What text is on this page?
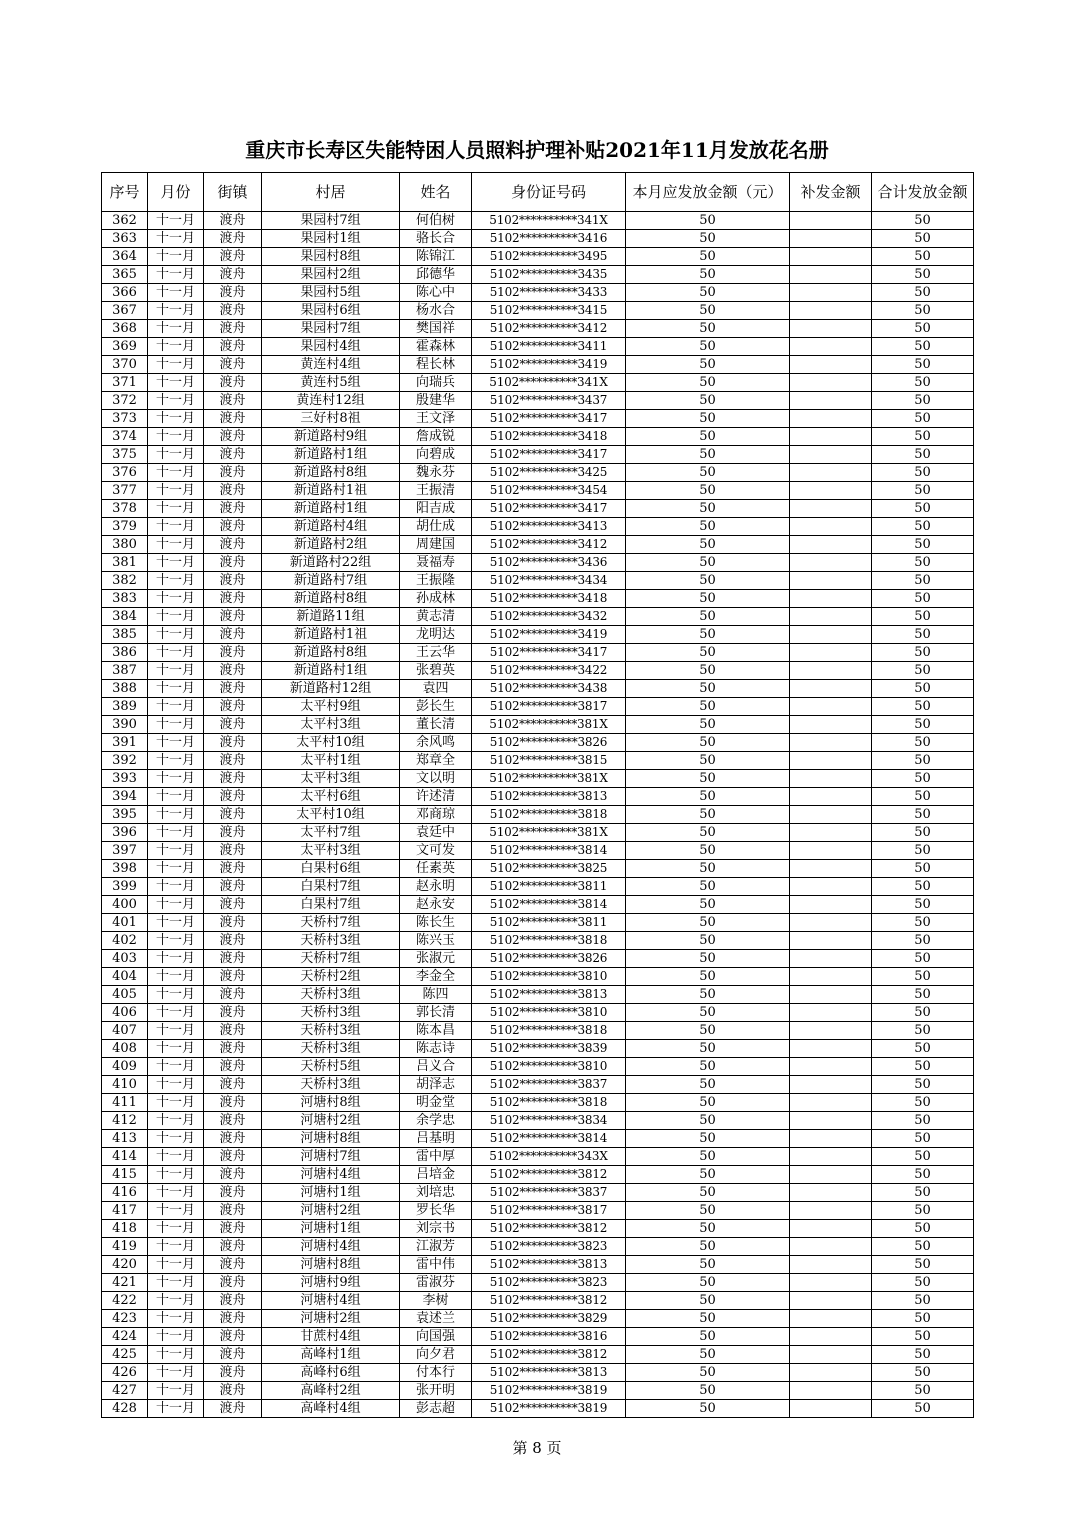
重庆市长寿区失能特困人员照料护理补贴2021年11月发放花名册
序号	月份	街镇	村居	姓名	身份证号码	本月应发放金额（元）	补发金额	合计发放金额
362	十一月	渡舟	果园村7组	何伯树	5102**********341X	50		50
363	十一月	渡舟	果园村1组	骆长合	5102**********3416	50		50
364	十一月	渡舟	果园村8组	陈锦江	5102**********3495	50		50
365	十一月	渡舟	果园村2组	邱德华	5102**********3435	50		50
366	十一月	渡舟	果园村5组	陈心中	5102**********3433	50		50
367	十一月	渡舟	果园村6组	杨水合	5102**********3415	50		50
368	十一月	渡舟	果园村7组	樊国祥	5102**********3412	50		50
369	十一月	渡舟	果园村4组	霍森林	5102**********3411	50		50
370	十一月	渡舟	黄连村4组	程长林	5102**********3419	50		50
371	十一月	渡舟	黄连村5组	向瑞兵	5102**********341X	50		50
372	十一月	渡舟	黄连村12组	殷建华	5102**********3437	50		50
373	十一月	渡舟	三好村8祖	王文泽	5102**********3417	50		50
374	十一月	渡舟	新道路村9组	詹成锐	5102**********3418	50		50
375	十一月	渡舟	新道路村1组	向碧成	5102**********3417	50		50
376	十一月	渡舟	新道路村8组	魏永芬	5102**********3425	50		50
377	十一月	渡舟	新道路村1祖	王振清	5102**********3454	50		50
378	十一月	渡舟	新道路村1组	阳吉成	5102**********3417	50		50
379	十一月	渡舟	新道路村4组	胡仕成	5102**********3413	50		50
380	十一月	渡舟	新道路村2组	周建国	5102**********3412	50		50
381	十一月	渡舟	新道路村22组	聂福寿	5102**********3436	50		50
382	十一月	渡舟	新道路村7组	王振隆	5102**********3434	50		50
383	十一月	渡舟	新道路村8组	孙成林	5102**********3418	50		50
384	十一月	渡舟	新道路11组	黄志清	5102**********3432	50		50
385	十一月	渡舟	新道路村1祖	龙明达	5102**********3419	50		50
386	十一月	渡舟	新道路村8组	王云华	5102**********3417	50		50
387	十一月	渡舟	新道路村1组	张碧英	5102**********3422	50		50
388	十一月	渡舟	新道路村12组	袁四	5102**********3438	50		50
389	十一月	渡舟	太平村9组	彭长生	5102**********3817	50		50
390	十一月	渡舟	太平村3组	董长清	5102**********381X	50		50
391	十一月	渡舟	太平村10组	余风鸣	5102**********3826	50		50
392	十一月	渡舟	太平村1组	郑章全	5102**********3815	50		50
393	十一月	渡舟	太平村3组	文以明	5102**********381X	50		50
394	十一月	渡舟	太平村6组	许述清	5102**********3813	50		50
395	十一月	渡舟	太平村10组	邓商琼	5102**********3818	50		50
396	十一月	渡舟	太平村7组	袁廷中	5102**********381X	50		50
397	十一月	渡舟	太平村3组	文可发	5102**********3814	50		50
398	十一月	渡舟	白果村6组	任素英	5102**********3825	50		50
399	十一月	渡舟	白果村7组	赵永明	5102**********3811	50		50
400	十一月	渡舟	白果村7组	赵永安	5102**********3814	50		50
401	十一月	渡舟	天桥村7组	陈长生	5102**********3811	50		50
402	十一月	渡舟	天桥村3组	陈兴玉	5102**********3818	50		50
403	十一月	渡舟	天桥村7组	张淑元	5102**********3826	50		50
404	十一月	渡舟	天桥村2组	李金全	5102**********3810	50		50
405	十一月	渡舟	天桥村3组	陈四	5102**********3813	50		50
406	十一月	渡舟	天桥村3组	郭长清	5102**********3810	50		50
407	十一月	渡舟	天桥村3组	陈本昌	5102**********3818	50		50
408	十一月	渡舟	天桥村3组	陈志诗	5102**********3839	50		50
409	十一月	渡舟	天桥村5组	吕义合	5102**********3810	50		50
410	十一月	渡舟	天桥村3组	胡泽志	5102**********3837	50		50
411	十一月	渡舟	河塘村8组	明金堂	5102**********3818	50		50
412	十一月	渡舟	河塘村2组	余学忠	5102**********3834	50		50
413	十一月	渡舟	河塘村8组	吕基明	5102**********3814	50		50
414	十一月	渡舟	河塘村7组	雷中厚	5102**********343X	50		50
415	十一月	渡舟	河塘村4组	吕培金	5102**********3812	50		50
416	十一月	渡舟	河塘村1组	刘培忠	5102**********3837	50		50
417	十一月	渡舟	河塘村2组	罗长华	5102**********3817	50		50
418	十一月	渡舟	河塘村1组	刘宗书	5102**********3812	50		50
419	十一月	渡舟	河塘村4组	江淑芳	5102**********3823	50		50
420	十一月	渡舟	河塘村8组	雷中伟	5102**********3813	50		50
421	十一月	渡舟	河塘村9组	雷淑芬	5102**********3823	50		50
422	十一月	渡舟	河塘村4组	李树	5102**********3812	50		50
423	十一月	渡舟	河塘村2组	袁述兰	5102**********3829	50		50
424	十一月	渡舟	甘蔗村4组	向国强	5102**********3816	50		50
425	十一月	渡舟	高峰村1组	向夕君	5102**********3812	50		50
426	十一月	渡舟	高峰村6组	付本行	5102**********3813	50		50
427	十一月	渡舟	高峰村2组	张开明	5102**********3819	50		50
428	十一月	渡舟	高峰村4组	彭志超	5102**********3819	50		50
第 8 页
